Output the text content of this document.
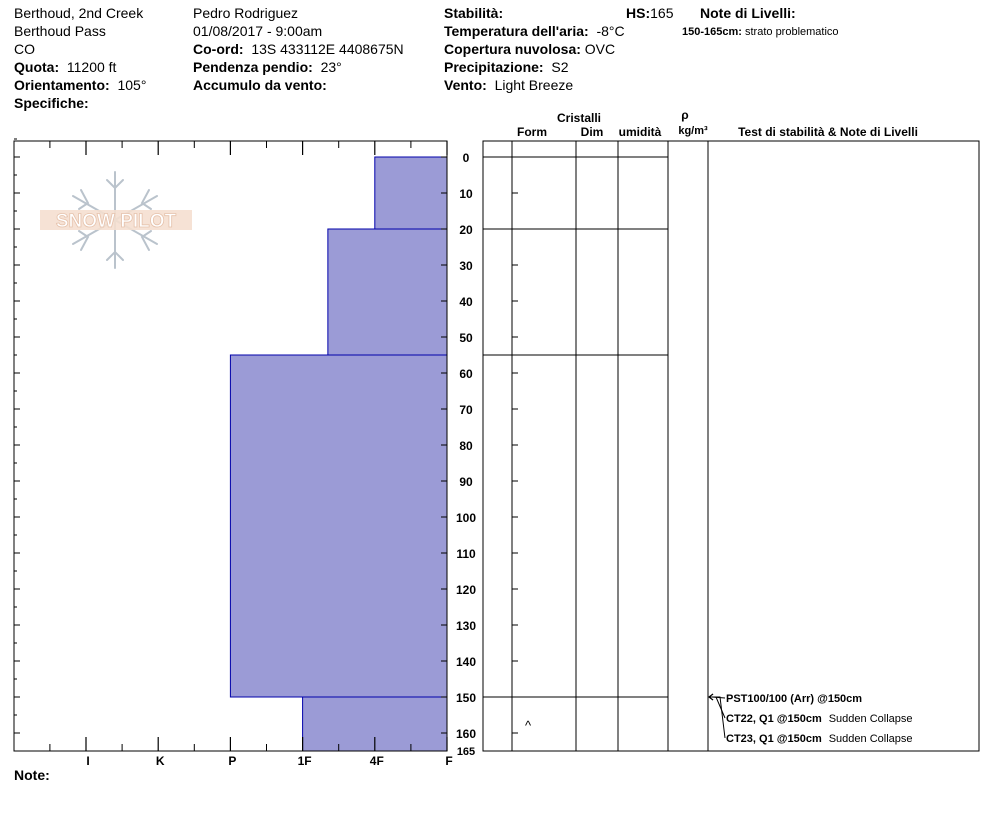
Berthoud, 2nd Creek
Berthoud Pass
CO
Quota: 11200 ft
Orientamento: 105°
Specifiche:
Pedro Rodriguez
01/08/2017 - 9:00am
Co-ord: 13S 433112E 4408675N
Pendenza pendio: 23°
Accumulo da vento:
Stabilità:	HS:165
Temperatura dell'aria: -8°C
Copertura nuvolosa: OVC
Precipitazione: S2
Vento: Light Breeze
Note di Livelli:
150-165cm: strato problematico
Note:
I	K	P	1F	4F	F
0
10
20
30
40
50
60
70
80
90
100
110
120
130
140
150
160
165
SNOW PILOT
Cristalli
Form	Dim umidità
ρ
kg/m³	Test di stabilità & Note di Livelli
^
PST100/100 (Arr) @150cm
CT22, Q1 @150cm Sudden Collapse
CT23, Q1 @150cm Sudden Collapse
